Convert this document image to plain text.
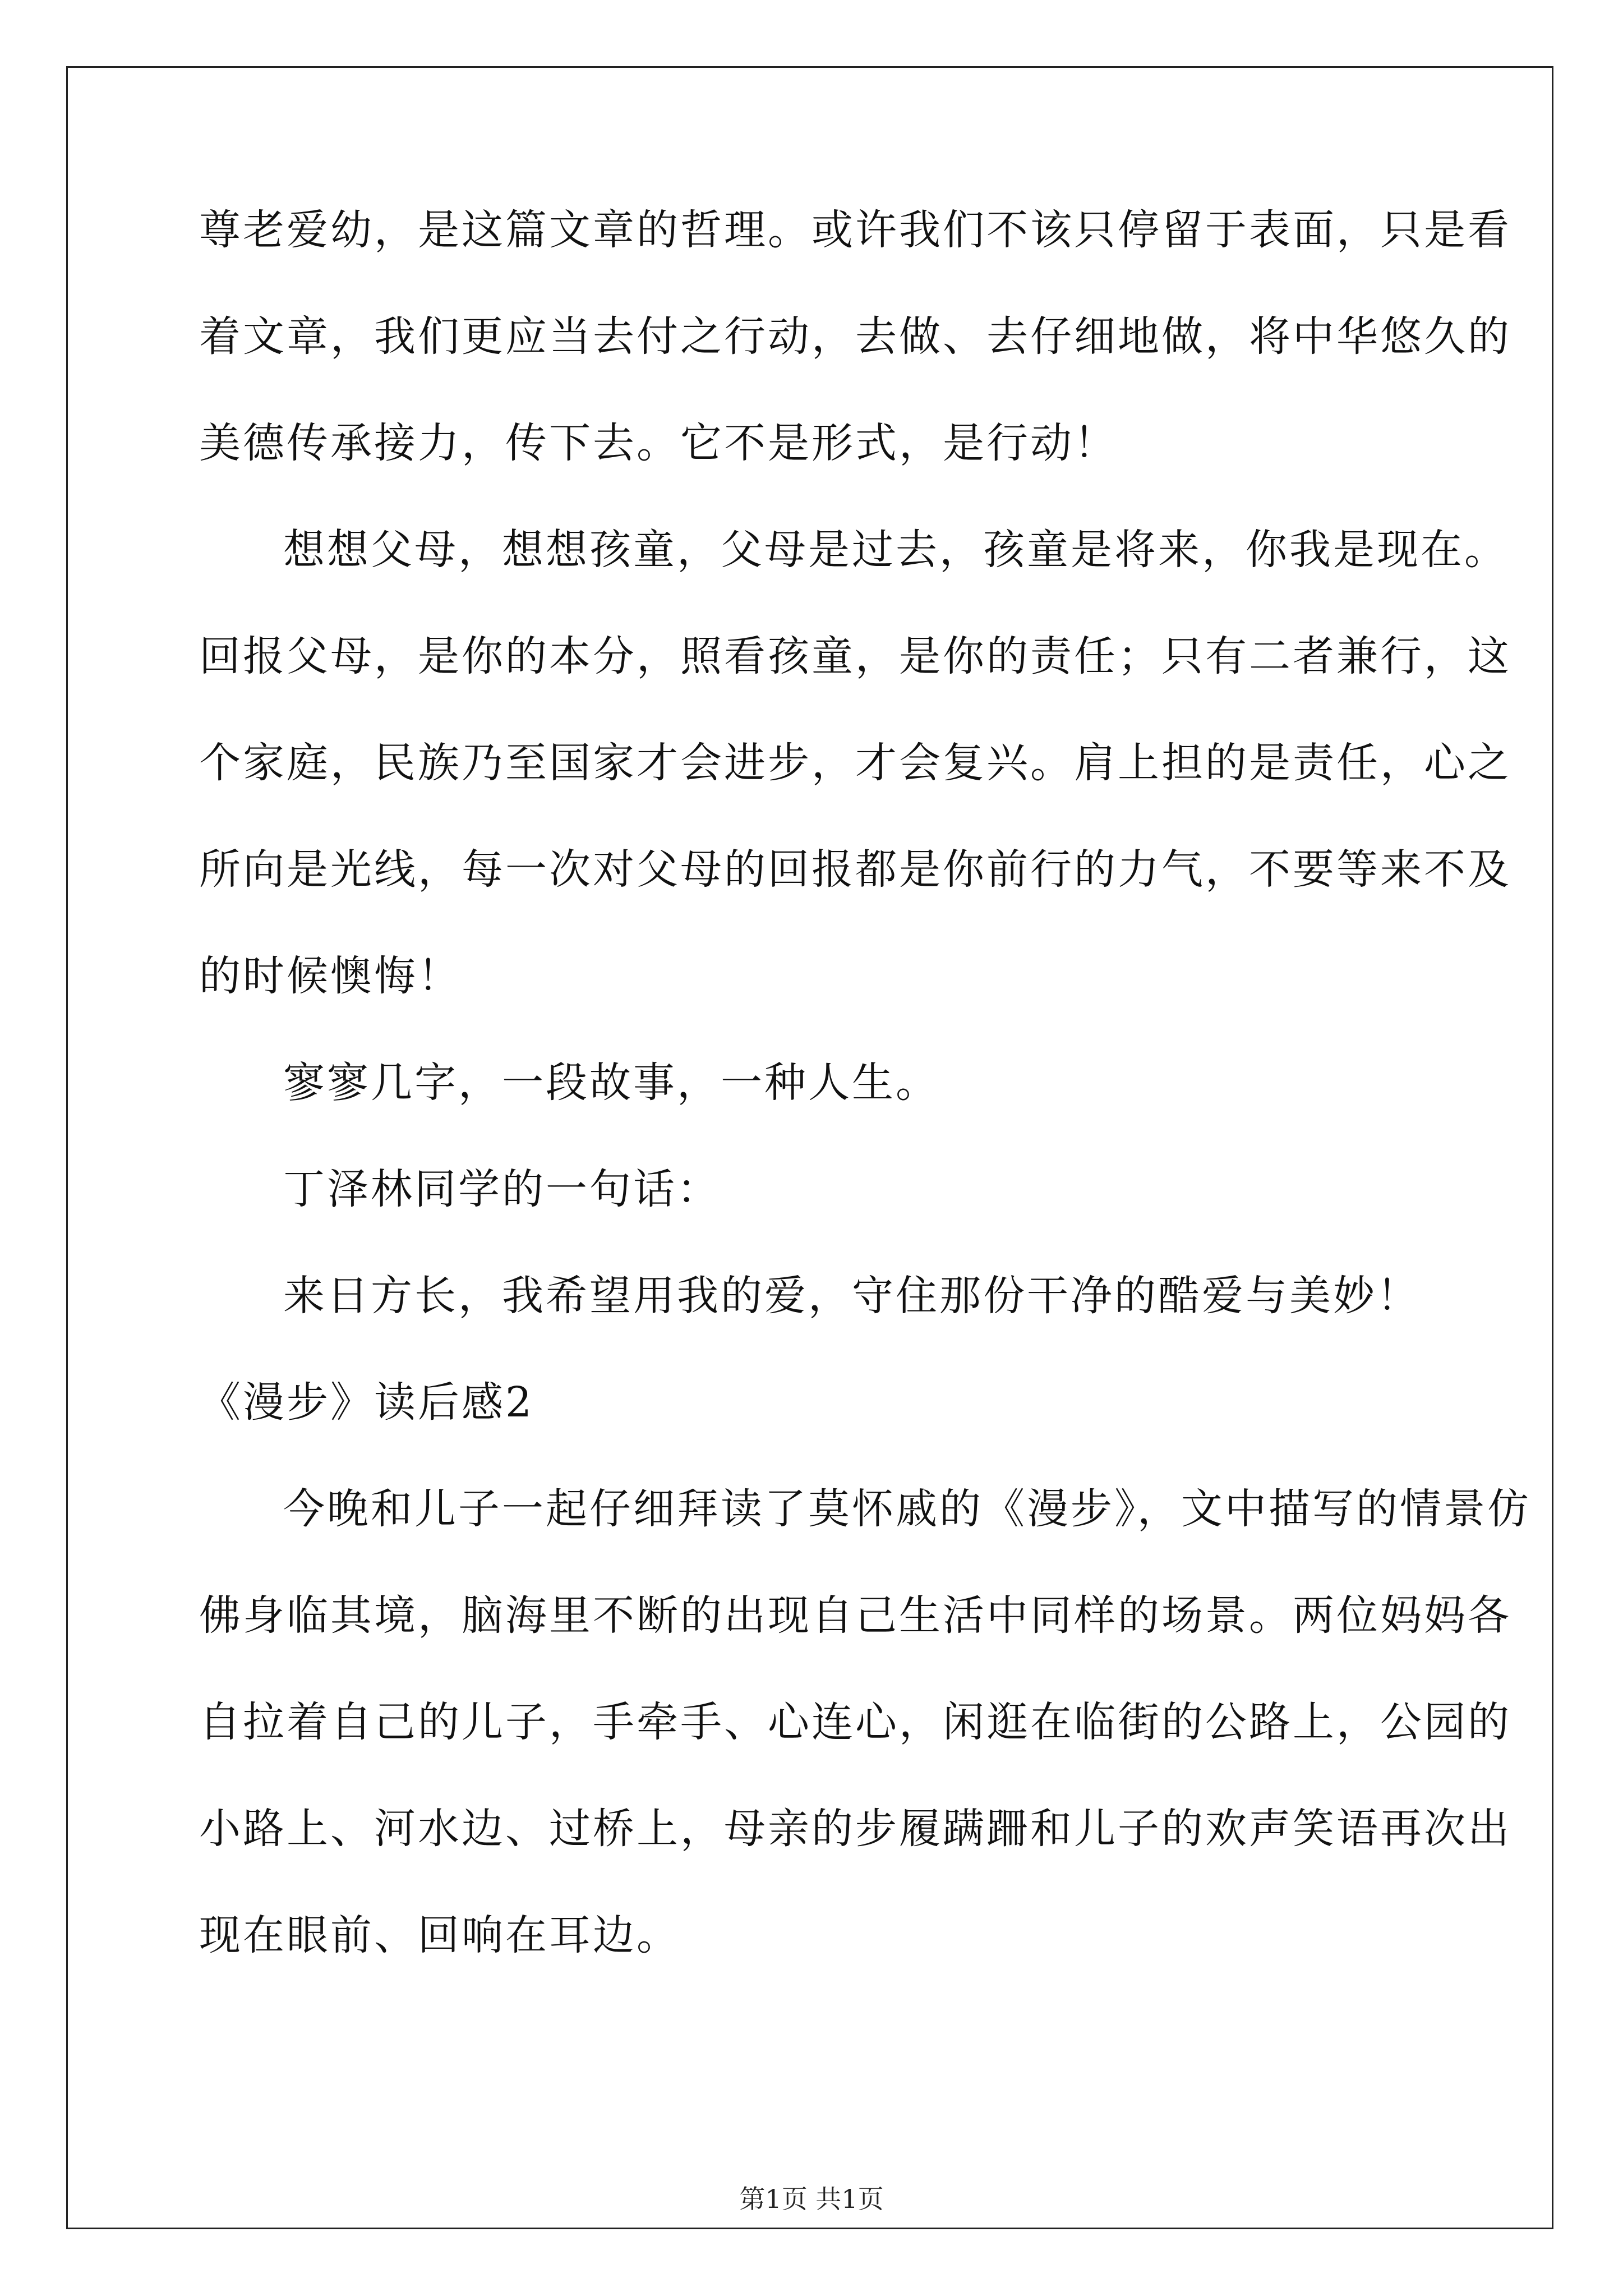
尊老爱幼，是这篇文章的哲理。或许我们不该只停留于表面，只是看
着文章，我们更应当去付之行动，去做、去仔细地做，将中华悠久的
美德传承接力，传下去。它不是形式，是行动！
想想父母，想想孩童，父母是过去，孩童是将来，你我是现在。
回报父母，是你的本分，照看孩童，是你的责任；只有二者兼行，这
个家庭，民族乃至国家才会进步，才会复兴。肩上担的是责任，心之
所向是光线，每一次对父母的回报都是你前行的力气，不要等来不及
的时候懊悔！
寥寥几字，一段故事，一种人生。
丁泽林同学的一句话：
来日方长，我希望用我的爱，守住那份干净的酷爱与美妙！
《漫步》读后感2
今晚和儿子一起仔细拜读了莫怀戚的《漫步》，文中描写的情景仿
佛身临其境，脑海里不断的出现自己生活中同样的场景。两位妈妈各
自拉着自己的儿子，手牵手、心连心，闲逛在临街的公路上，公园的
小路上、河水边、过桥上，母亲的步履蹒跚和儿子的欢声笑语再次出
现在眼前、回响在耳边。
第1页 共1页
